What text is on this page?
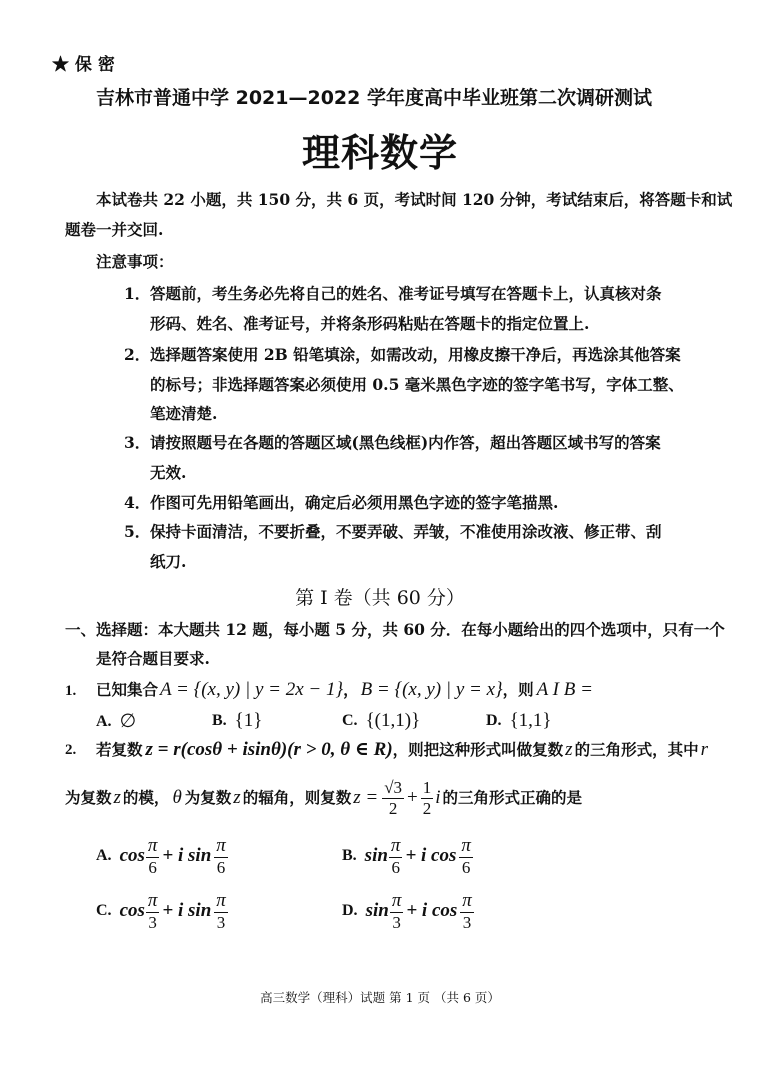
★ 保 密
吉林市普通中学 2021—2022 学年度高中毕业班第二次调研测试
理科数学
本试卷共 22 小题，共 150 分，共 6 页，考试时间 120 分钟，考试结束后，将答题卡和试
题卷一并交回.
注意事项：
1． 答题前，考生务必先将自己的姓名、准考证号填写在答题卡上，认真核对条
形码、姓名、准考证号，并将条形码粘贴在答题卡的指定位置上.
2． 选择题答案使用 2B 铅笔填涂，如需改动，用橡皮擦干净后，再选涂其他答案
的标号；非选择题答案必须使用 0.5 毫米黑色字迹的签字笔书写，字体工整、
笔迹清楚.
3． 请按照题号在各题的答题区域(黑色线框)内作答，超出答题区域书写的答案
无效.
4． 作图可先用铅笔画出，确定后必须用黑色字迹的签字笔描黑.
5． 保持卡面清洁，不要折叠，不要弄破、弄皱，不准使用涂改液、修正带、刮
纸刀.
第 I 卷（共 60 分）
一、选择题：本大题共 12 题，每小题 5 分，共 60 分．在每小题给出的四个选项中，只有一个
是符合题目要求.
1. 已知集合 A = {(x, y) | y = 2x − 1} ， B = {(x, y) | y = x} ，则 A I B =
A. ∅	B. {1}	C. {(1,1)}	D. {1,1}
2. 若复数 z = r(cosθ + isinθ)(r > 0, θ ∈ R) ，则把这种形式叫做复数 z 的三角形式，其中 r
为复数 z 的模， θ 为复数 z 的辐角，则复数 $z = \frac{√3}{2} + \frac{1}{2}$ i 的三角形式正确的是
A. $\cos \frac{\pi}{6} + i$ $\sin \frac{\pi}{6}$	B. $\sin \frac{\pi}{6} + i$ $\cos \frac{\pi}{6}$
C. $\cos \frac{\pi}{3} + i$ $\sin \frac{\pi}{3}$	D. $\sin \frac{\pi}{3} + i$ $\cos \frac{\pi}{3}$
高三数学（理科）试题 第 1 页 （共 6 页）
